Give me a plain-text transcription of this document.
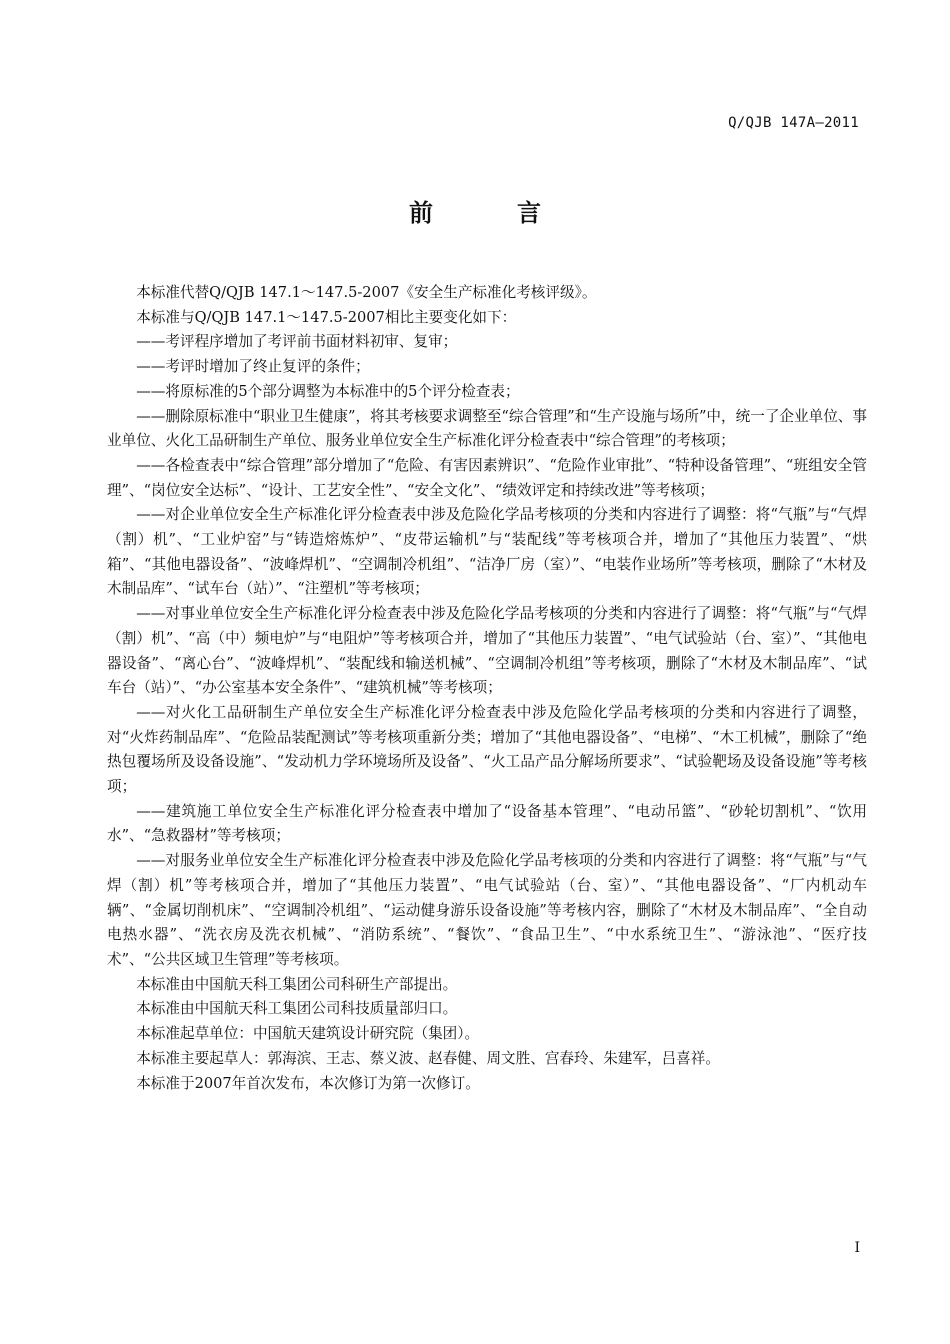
Q/QJB 147A—2011
前　言

本标准代替Q/QJB 147.1～147.5-2007《安全生产标准化考核评级》。

本标准与Q/QJB 147.1～147.5-2007相比主要变化如下：

——考评程序增加了考评前书面材料初审、复审；

——考评时增加了终止复评的条件；

——将原标准的5个部分调整为本标准中的5个评分检查表；

——删除原标准中“职业卫生健康”，将其考核要求调整至“综合管理”和“生产设施与场所”中，统一了企业单位、事业单位、火化工品研制生产单位、服务业单位安全生产标准化评分检查表中“综合管理”的考核项；

——各检查表中“综合管理”部分增加了“危险、有害因素辨识”、“危险作业审批”、“特种设备管理”、“班组安全管理”、“岗位安全达标”、“设计、工艺安全性”、“安全文化”、“绩效评定和持续改进”等考核项；

——对企业单位安全生产标准化评分检查表中涉及危险化学品考核项的分类和内容进行了调整：将“气瓶”与“气焊（割）机”、“工业炉窑”与“铸造熔炼炉”、“皮带运输机”与“装配线”等考核项合并，增加了“其他压力装置”、“烘箱”、“其他电器设备”、“波峰焊机”、“空调制冷机组”、“洁净厂房（室）”、“电装作业场所”等考核项，删除了“木材及木制品库”、“试车台（站）”、“注塑机”等考核项；

——对事业单位安全生产标准化评分检查表中涉及危险化学品考核项的分类和内容进行了调整：将“气瓶”与“气焊（割）机”、“高（中）频电炉”与“电阻炉”等考核项合并，增加了“其他压力装置”、“电气试验站（台、室）”、“其他电器设备”、“离心台”、“波峰焊机”、“装配线和输送机械”、“空调制冷机组”等考核项，删除了“木材及木制品库”、“试车台（站）”、“办公室基本安全条件”、“建筑机械”等考核项；

——对火化工品研制生产单位安全生产标准化评分检查表中涉及危险化学品考核项的分类和内容进行了调整，对“火炸药制品库”、“危险品装配测试”等考核项重新分类；增加了“其他电器设备”、“电梯”、“木工机械”，删除了“绝热包覆场所及设备设施”、“发动机力学环境场所及设备”、“火工品产品分解场所要求”、“试验靶场及设备设施”等考核项；

——建筑施工单位安全生产标准化评分检查表中增加了“设备基本管理”、“电动吊篮”、“砂轮切割机”、“饮用水”、“急救器材”等考核项；

——对服务业单位安全生产标准化评分检查表中涉及危险化学品考核项的分类和内容进行了调整：将“气瓶”与“气焊（割）机”等考核项合并，增加了“其他压力装置”、“电气试验站（台、室）”、“其他电器设备”、“厂内机动车辆”、“金属切削机床”、“空调制冷机组”、“运动健身游乐设备设施”等考核内容，删除了“木材及木制品库”、“全自动电热水器”、“洗衣房及洗衣机械”、“消防系统”、“餐饮”、“食品卫生”、“中水系统卫生”、“游泳池”、“医疗技术”、“公共区域卫生管理”等考核项。

本标准由中国航天科工集团公司科研生产部提出。

本标准由中国航天科工集团公司科技质量部归口。

本标准起草单位：中国航天建筑设计研究院（集团）。

本标准主要起草人：郭海滨、王志、蔡义波、赵春健、周文胜、宫春玲、朱建军，吕喜祥。

本标准于2007年首次发布，本次修订为第一次修订。

I
